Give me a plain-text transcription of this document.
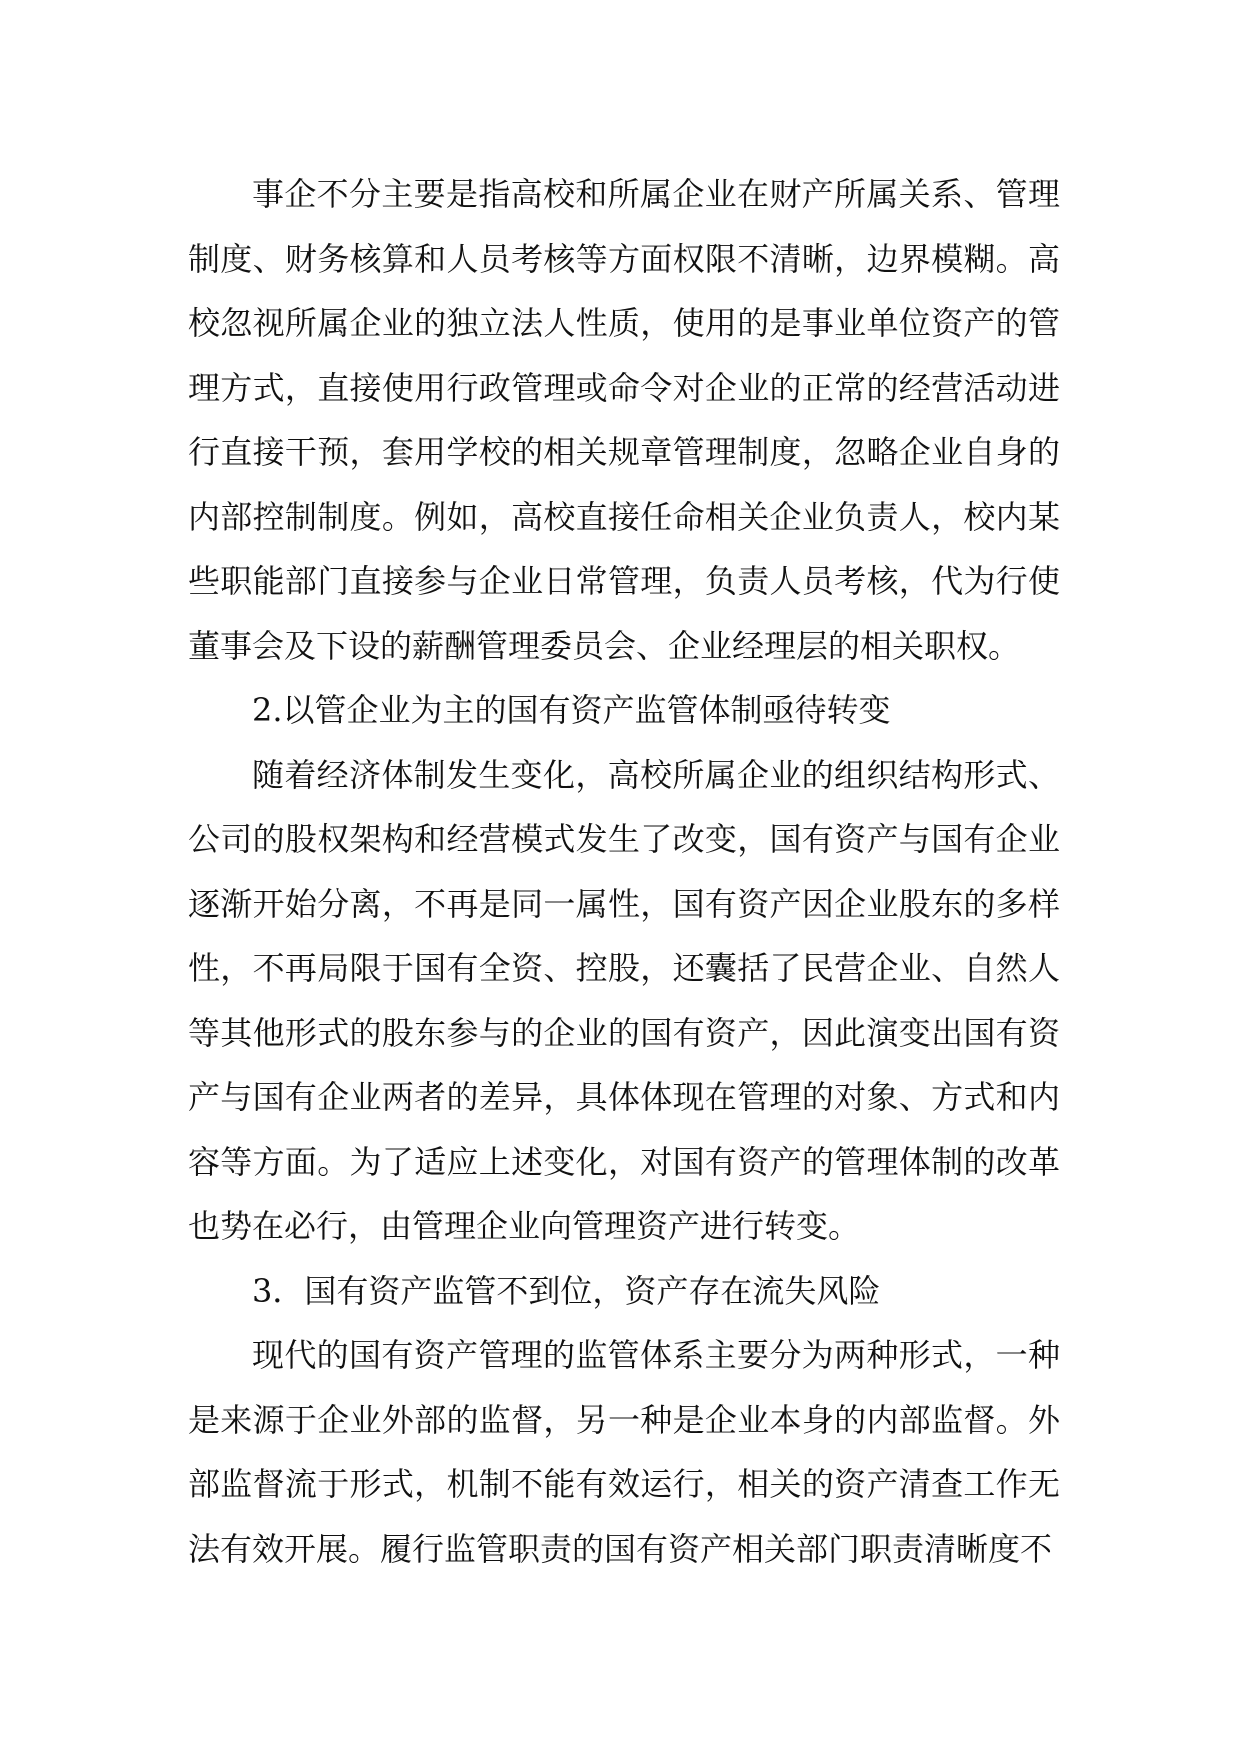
事企不分主要是指高校和所属企业在财产所属关系、管理制度、财务核算和人员考核等方面权限不清晰，边界模糊。高校忽视所属企业的独立法人性质，使用的是事业单位资产的管理方式，直接使用行政管理或命令对企业的正常的经营活动进行直接干预，套用学校的相关规章管理制度，忽略企业自身的内部控制制度。例如，高校直接任命相关企业负责人，校内某些职能部门直接参与企业日常管理，负责人员考核，代为行使董事会及下设的薪酬管理委员会、企业经理层的相关职权。

2.以管企业为主的国有资产监管体制亟待转变

随着经济体制发生变化，高校所属企业的组织结构形式、公司的股权架构和经营模式发生了改变，国有资产与国有企业逐渐开始分离，不再是同一属性，国有资产因企业股东的多样性，不再局限于国有全资、控股，还囊括了民营企业、自然人等其他形式的股东参与的企业的国有资产，因此演变出国有资产与国有企业两者的差异，具体体现在管理的对象、方式和内容等方面。为了适应上述变化，对国有资产的管理体制的改革也势在必行，由管理企业向管理资产进行转变。

3．国有资产监管不到位，资产存在流失风险

现代的国有资产管理的监管体系主要分为两种形式，一种是来源于企业外部的监督，另一种是企业本身的内部监督。外部监督流于形式，机制不能有效运行，相关的资产清查工作无法有效开展。履行监管职责的国有资产相关部门职责清晰度不
